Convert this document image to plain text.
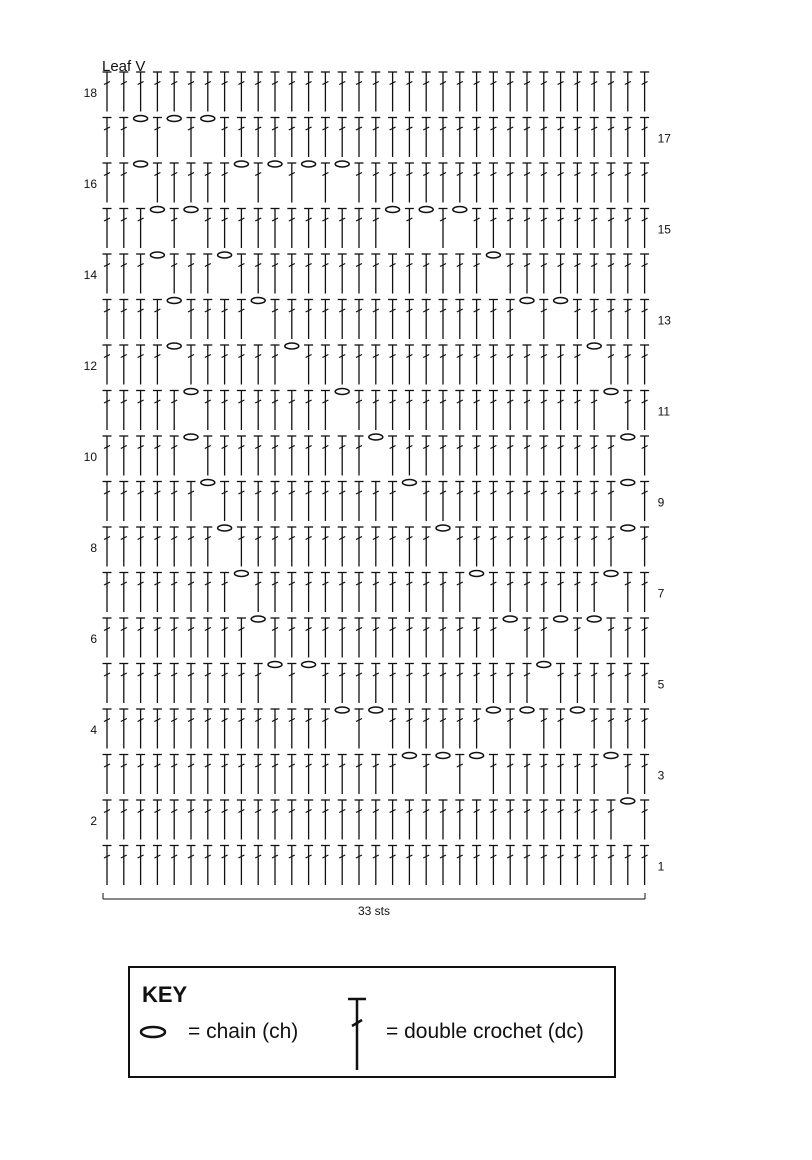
Leaf V
18
16
14
12
10
8
6
4
2
17
15
13
11
9
7
5
3
1
33 sts
KEY
= chain (ch)	= double crochet (dc)
